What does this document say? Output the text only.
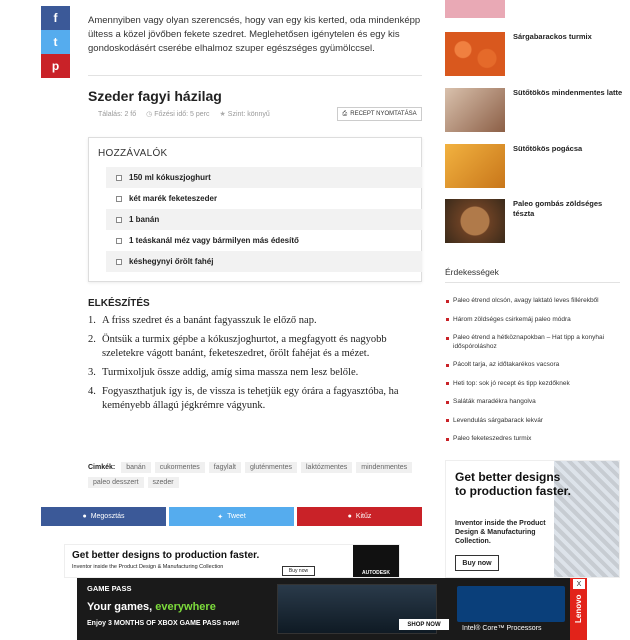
f
t
p

Amennyiben vagy olyan szerencsés, hogy van egy kis kerted, oda mindenképp ültess a közel jövőben fekete szedret. Meglehetősen igénytelen és egy kis gondoskodásért cserébe elhalmoz szuper egészséges gyümölccsel.

Szeder fagyi házilag
Tálalás: 2 fő ◷ Főzési idő: 5 perc ★ Szint: könnyű	⎙ RECEPT NYOMTATÁSA
HOZZÁVALÓK
150 ml kókuszjoghurt
két marék feketeszeder
1 banán
1 teáskanál méz vagy bármilyen más édesítő
késhegynyi őrölt fahéj
ELKÉSZÍTÉS
1. A friss szedret és a banánt fagyasszuk le előző nap.
2. Öntsük a turmix gépbe a kókuszjoghurtot, a megfagyott és nagyobb szeletekre vágott banánt, feketeszedret, őrölt fahéjat és a mézet.
3. Turmixoljuk össze addig, amíg sima massza nem lesz belőle.
4. Fogyaszthatjuk így is, de vissza is tehetjük egy órára a fagyasztóba, ha keményebb állagú jégkrémre vágyunk.
Cimkék:	banán	cukormentes	fagylalt	gluténmentes	laktózmentes	mindenmentes
paleo desszert	szeder
● Megosztás	✦ Tweet	● Kitűz
Get better designs to production faster.
Inventor inside the Product Design & Manufacturing Collection
Buy now	AUTODESK
Sárgabarackos turmix
Sütőtökös mindenmentes latte
Sütőtökös pogácsa
Paleo gombás zöldséges tészta
Érdekességek
Paleo étrend olcsón, avagy laktató leves fillérekből
Három zöldséges csirkemáj paleo módra
Paleo étrend a hétköznapokban – Hat tipp a konyhai időspóroláshoz
Pácolt tarja, az időtakarékos vacsora
Heti top: sok jó recept és tipp kezdőknek
Saláták maradékra hangolva
Levendulás sárgabarack lekvár
Paleo feketeszedres turmix
Get better designs to production faster.
Inventor inside the Product Design & Manufacturing Collection.
Buy now
GAME PASS
Your games, everywhere
Enjoy 3 MONTHS OF XBOX GAME PASS now!	SHOP NOW
Intel® Core™ Processors
Lenovo
X
